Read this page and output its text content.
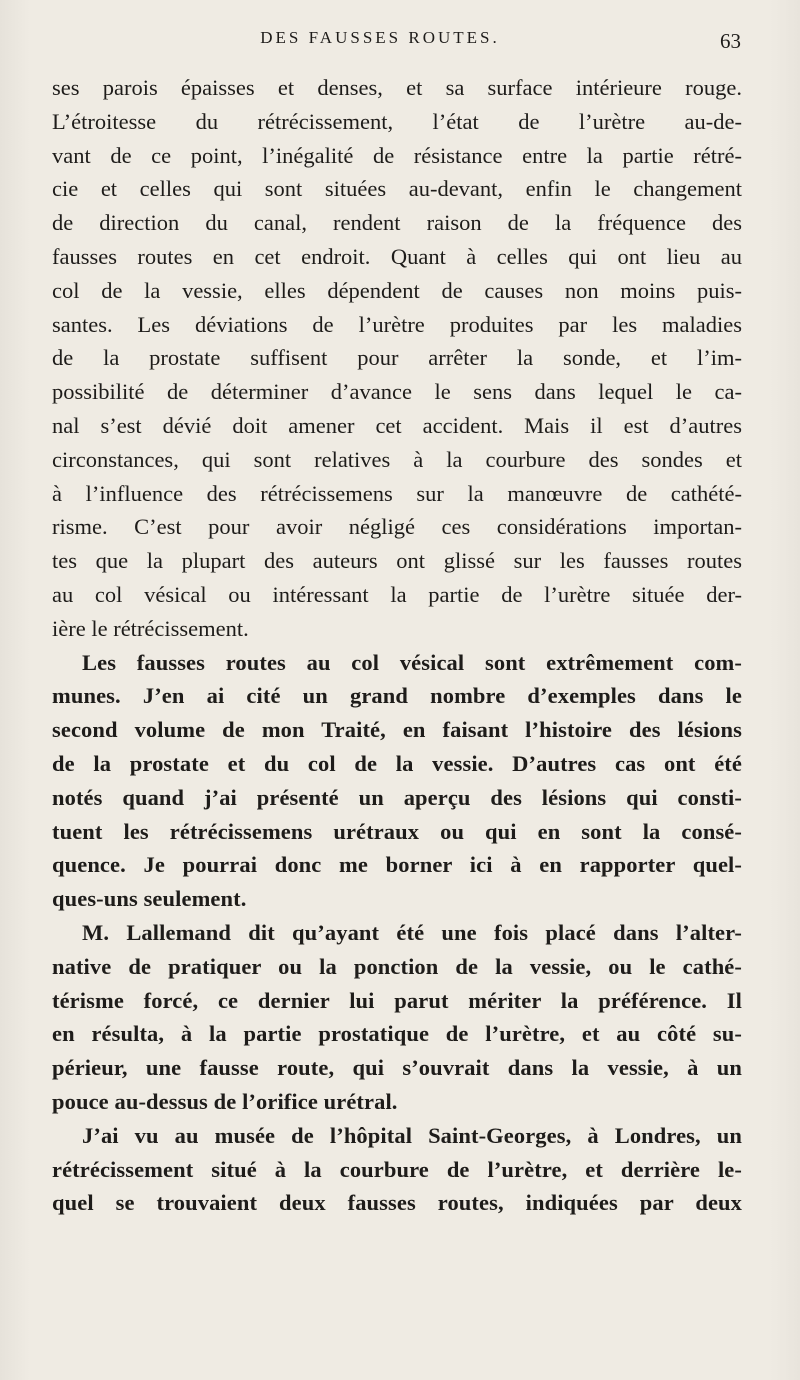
DES FAUSSES ROUTES.	63
ses parois épaisses et denses, et sa surface intérieure rouge.
L’étroitesse du rétrécissement, l’état de l’urètre au-de-
vant de ce point, l’inégalité de résistance entre la partie rétré-
cie et celles qui sont situées au-devant, enfin le changement
de direction du canal, rendent raison de la fréquence des
fausses routes en cet endroit. Quant à celles qui ont lieu au
col de la vessie, elles dépendent de causes non moins puis-
santes. Les déviations de l’urètre produites par les maladies
de la prostate suffisent pour arrêter la sonde, et l’im-
possibilité de déterminer d’avance le sens dans lequel le ca-
nal s’est dévié doit amener cet accident. Mais il est d’autres
circonstances, qui sont relatives à la courbure des sondes et
à l’influence des rétrécissemens sur la manœuvre de cathété-
risme. C’est pour avoir négligé ces considérations importan-
tes que la plupart des auteurs ont glissé sur les fausses routes
au col vésical ou intéressant la partie de l’urètre située der-
ière le rétrécissement.
Les fausses routes au col vésical sont extrêmement com-
munes. J’en ai cité un grand nombre d’exemples dans le
second volume de mon Traité, en faisant l’histoire des lésions
de la prostate et du col de la vessie. D’autres cas ont été
notés quand j’ai présenté un aperçu des lésions qui consti-
tuent les rétrécissemens urétraux ou qui en sont la consé-
quence. Je pourrai donc me borner ici à en rapporter quel-
ques-uns seulement.
M. Lallemand dit qu’ayant été une fois placé dans l’alter-
native de pratiquer ou la ponction de la vessie, ou le cathé-
térisme forcé, ce dernier lui parut mériter la préférence. Il
en résulta, à la partie prostatique de l’urètre, et au côté su-
périeur, une fausse route, qui s’ouvrait dans la vessie, à un
pouce au-dessus de l’orifice urétral.
J’ai vu au musée de l’hôpital Saint-Georges, à Londres, un
rétrécissement situé à la courbure de l’urètre, et derrière le-
quel se trouvaient deux fausses routes, indiquées par deux
